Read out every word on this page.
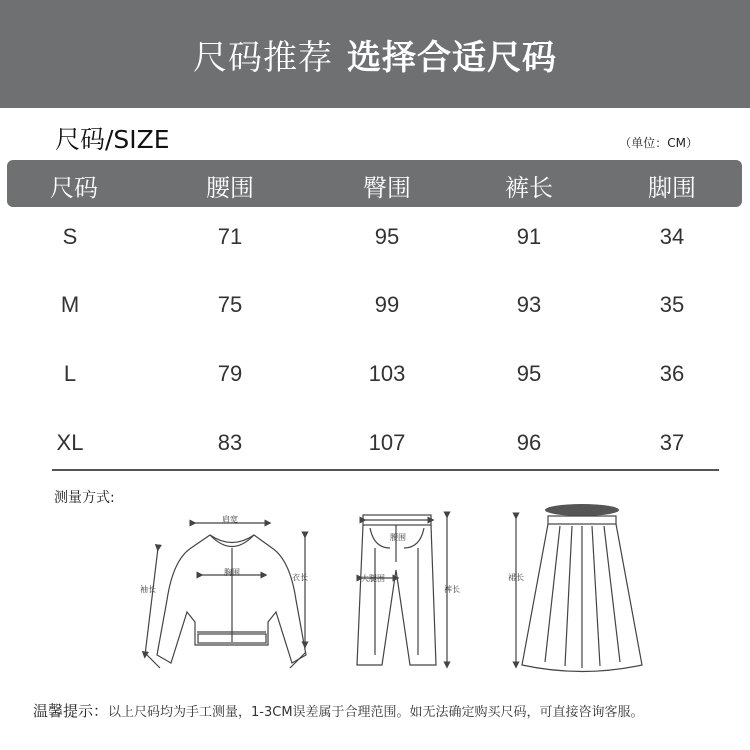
尺码推荐 选择合适尺码
尺码/SIZE	（单位：CM）
尺码	腰围	臀围	裤长	脚围
S	71	95	91	34
M	75	99	93	35
L	79	103	95	36
XL	83	107	96	37
测量方式:
肩宽
胸围
袖长
衣长
腰围
大腿围
裤长
裙长
温馨提示：以上尺码均为手工测量，1-3CM误差属于合理范围。如无法确定购买尺码，可直接咨询客服。
